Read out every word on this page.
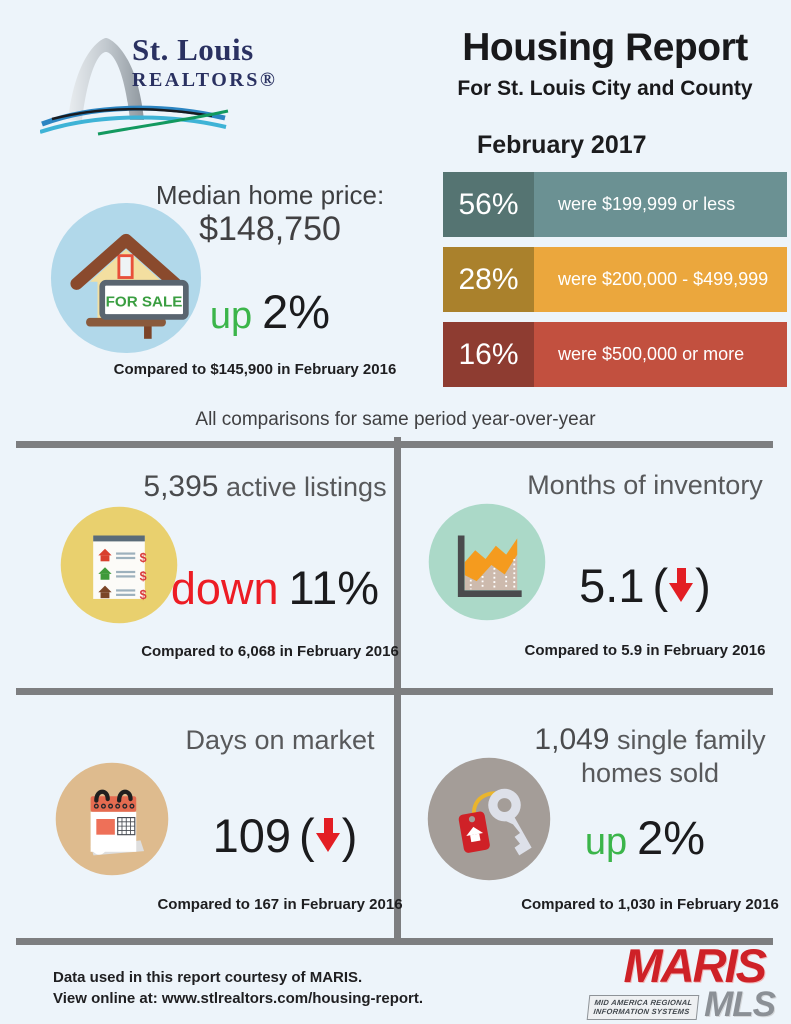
St. Louis
REALTORS®
Housing Report
For St. Louis City and County
February 2017
56%	were $199,999 or less
28%	were $200,000 - $499,999
16%	were $500,000 or more
FOR SALE
Median home price:
$148,750
up 2%
Compared to $145,900 in February 2016
All comparisons for same period year-over-year
5,395 active listings
$
$
$ down 11%
Compared to 6,068 in February 2016
Months of inventory
5.1 ( )
Compared to 5.9 in February 2016
Days on market
109 ( )
Compared to 167 in February 2016
1,049 single family homes sold
up 2%
Compared to 1,030 in February 2016
Data used in this report courtesy of MARIS.
View online at: www.stlrealtors.com/housing-report.
MARIS
MID AMERICA REGIONAL
INFORMATION SYSTEMS MLS
